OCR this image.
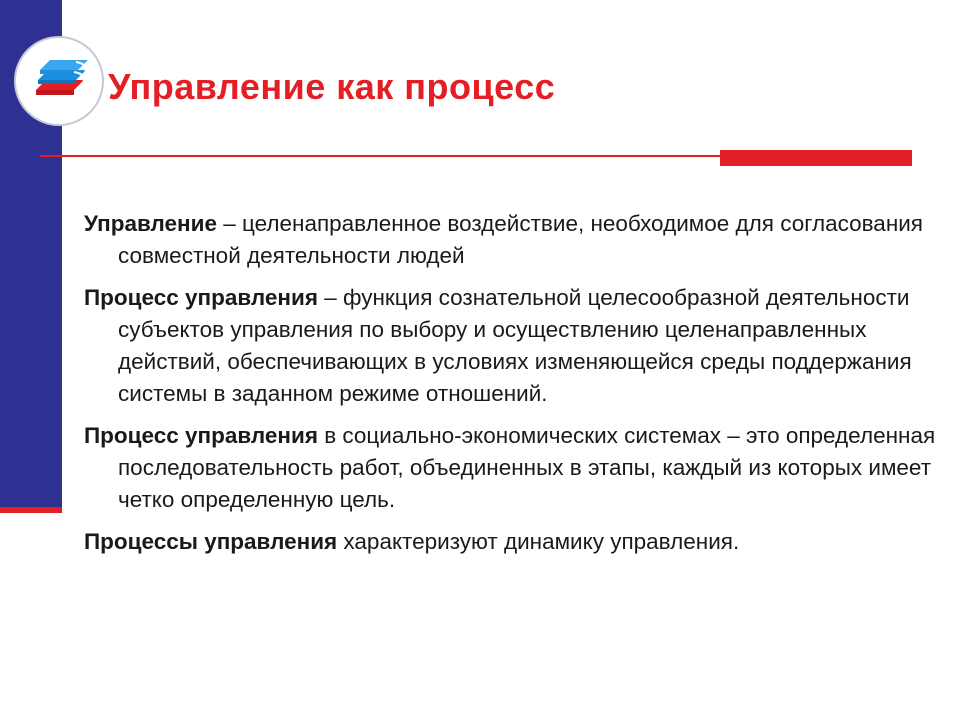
Управление как процесс

Управление – целенаправленное воздействие, необходимое для согласования совместной деятельности людей

Процесс управления – функция сознательной целесообразной деятельности субъектов управления по выбору и осуществлению целенаправленных действий, обеспечивающих в условиях изменяющейся среды поддержания системы в заданном режиме отношений.

Процесс управления в социально-экономических системах – это определенная последовательность работ, объединенных в этапы, каждый из которых имеет четко определенную цель.

Процессы управления характеризуют динамику управления.
